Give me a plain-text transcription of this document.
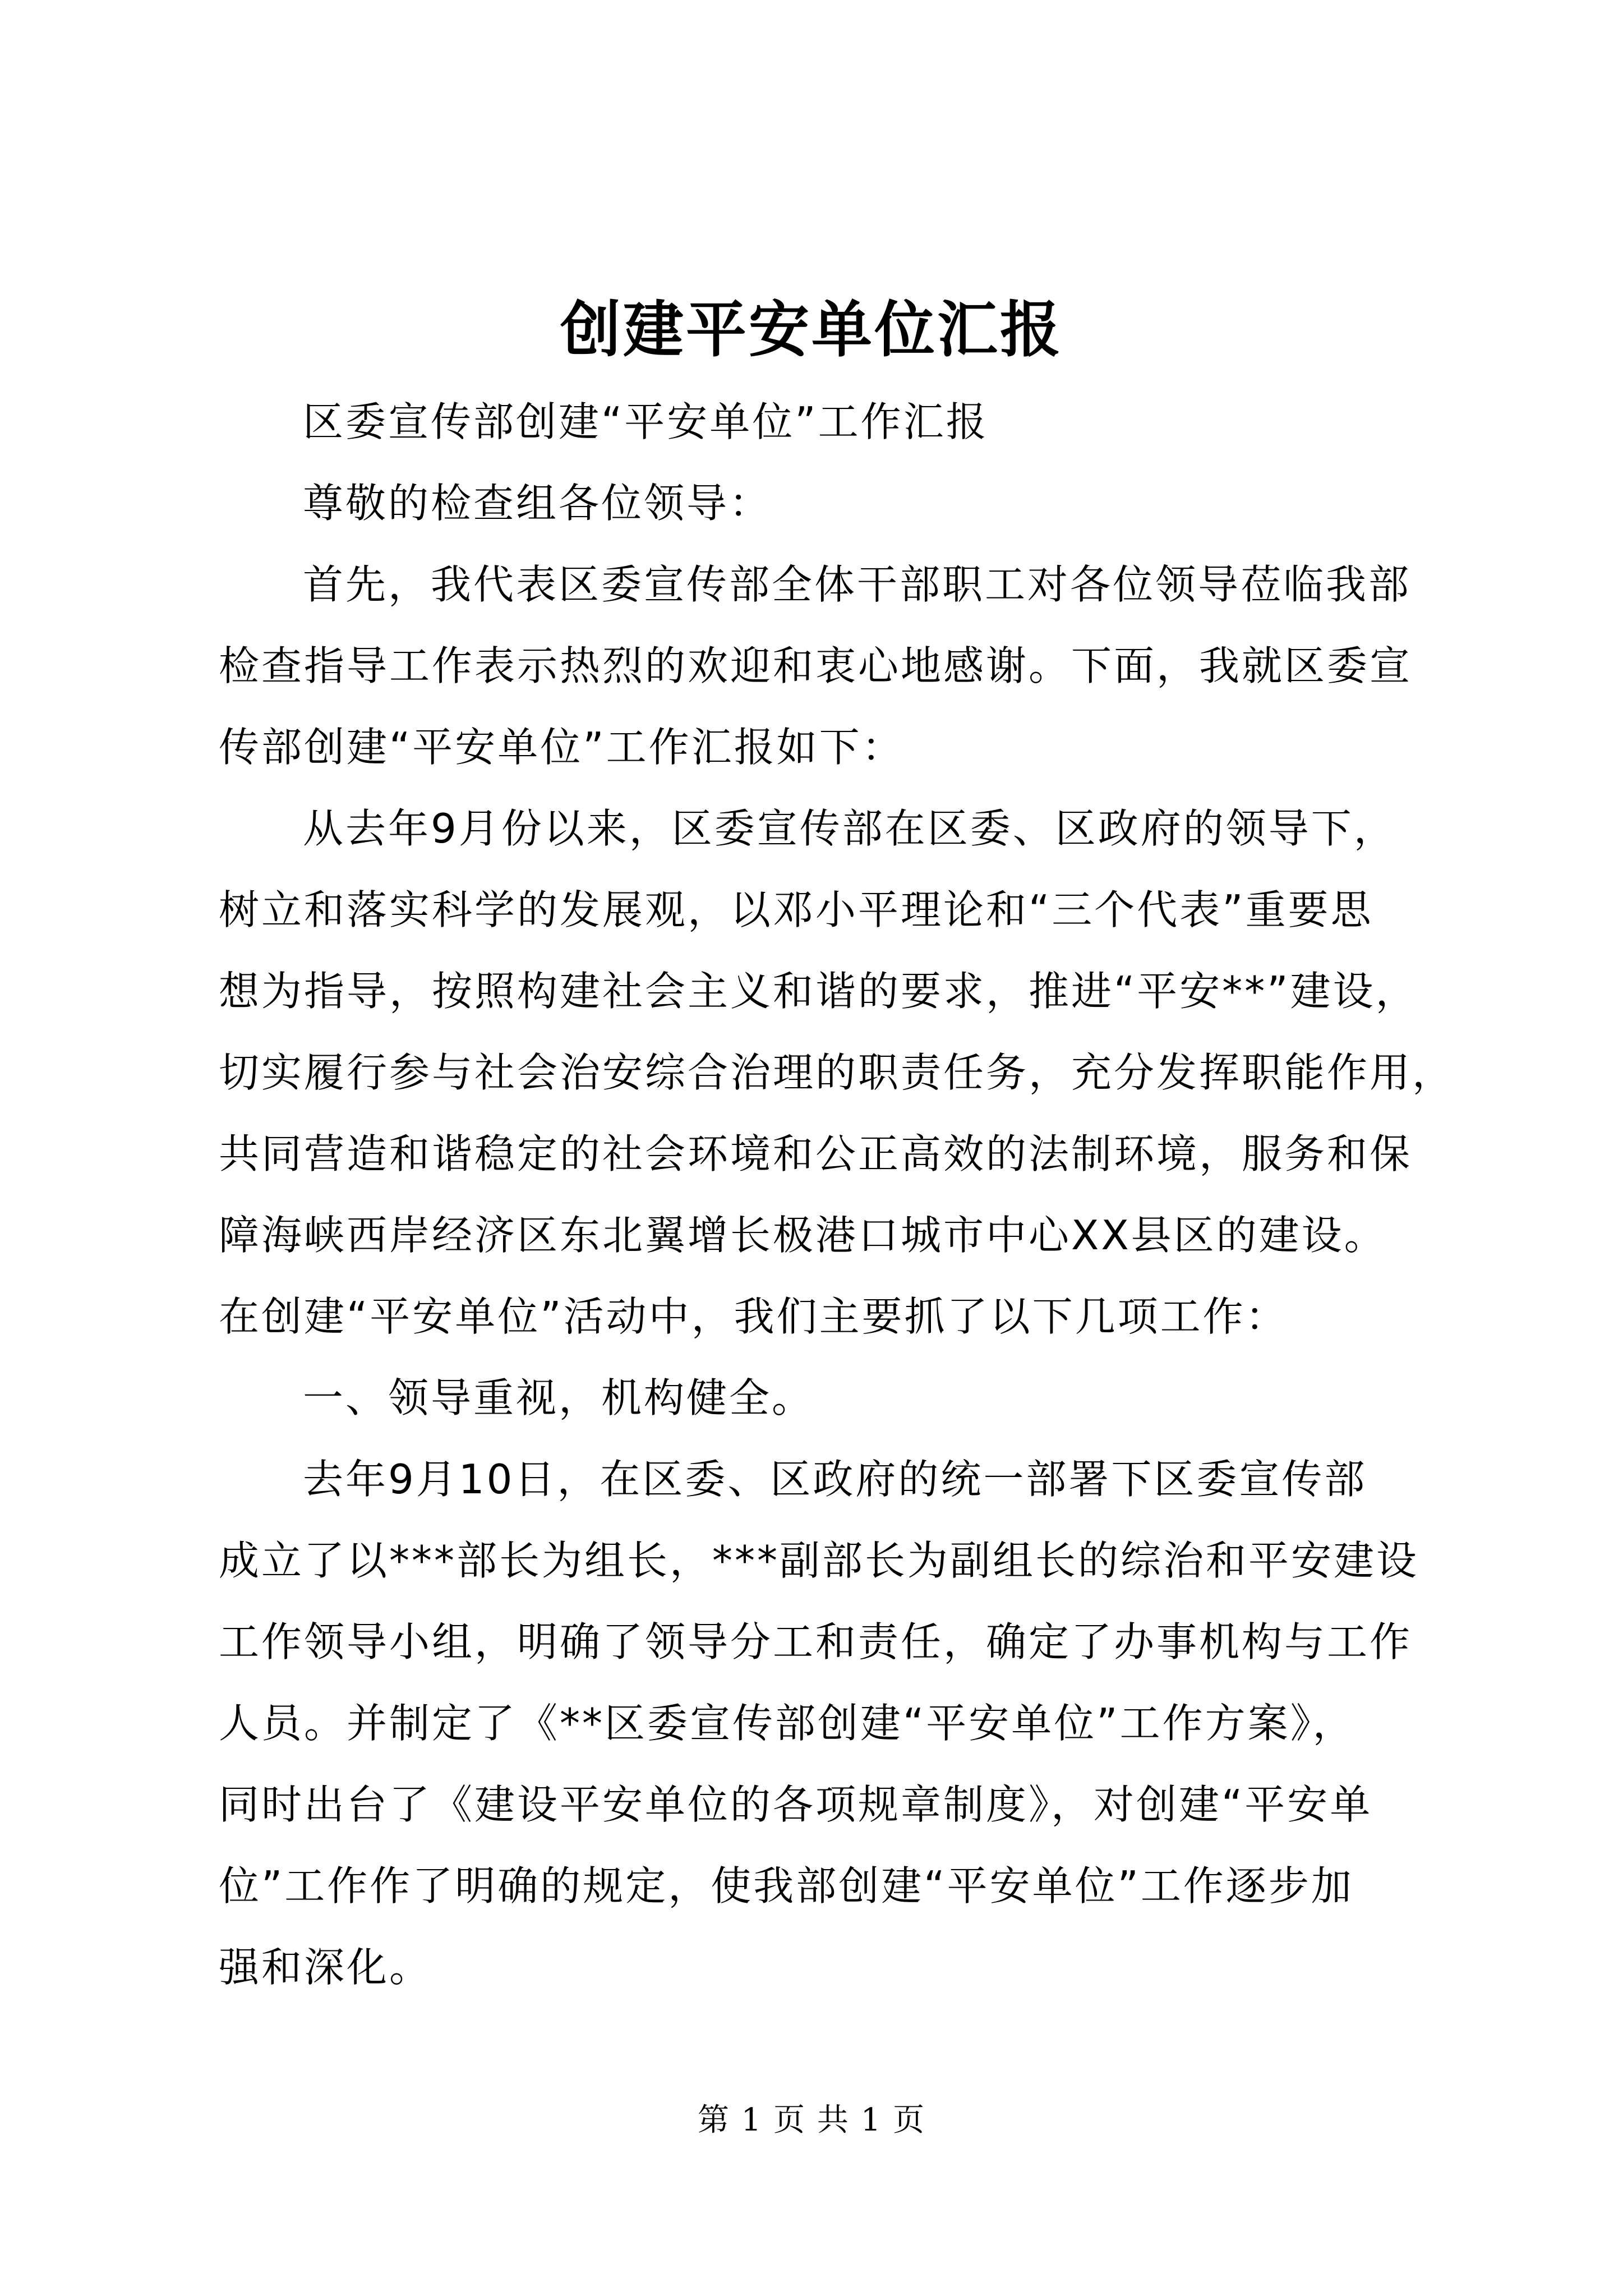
创建平安单位汇报
区委宣传部创建“平安单位”工作汇报
尊敬的检查组各位领导：
首先，我代表区委宣传部全体干部职工对各位领导莅临我部
检查指导工作表示热烈的欢迎和衷心地感谢。下面，我就区委宣
传部创建“平安单位”工作汇报如下：
从去年9月份以来，区委宣传部在区委、区政府的领导下，
树立和落实科学的发展观，以邓小平理论和“三个代表”重要思
想为指导，按照构建社会主义和谐的要求，推进“平安**”建设，
切实履行参与社会治安综合治理的职责任务，充分发挥职能作用，
共同营造和谐稳定的社会环境和公正高效的法制环境，服务和保
障海峡西岸经济区东北翼增长极港口城市中心XX县区的建设。
在创建“平安单位”活动中，我们主要抓了以下几项工作：
一、领导重视，机构健全。
去年9月10日，在区委、区政府的统一部署下区委宣传部
成立了以***部长为组长，***副部长为副组长的综治和平安建设
工作领导小组，明确了领导分工和责任，确定了办事机构与工作
人员。并制定了《**区委宣传部创建“平安单位”工作方案》，
同时出台了《建设平安单位的各项规章制度》，对创建“平安单
位”工作作了明确的规定，使我部创建“平安单位”工作逐步加
强和深化。
第 1 页 共 1 页
